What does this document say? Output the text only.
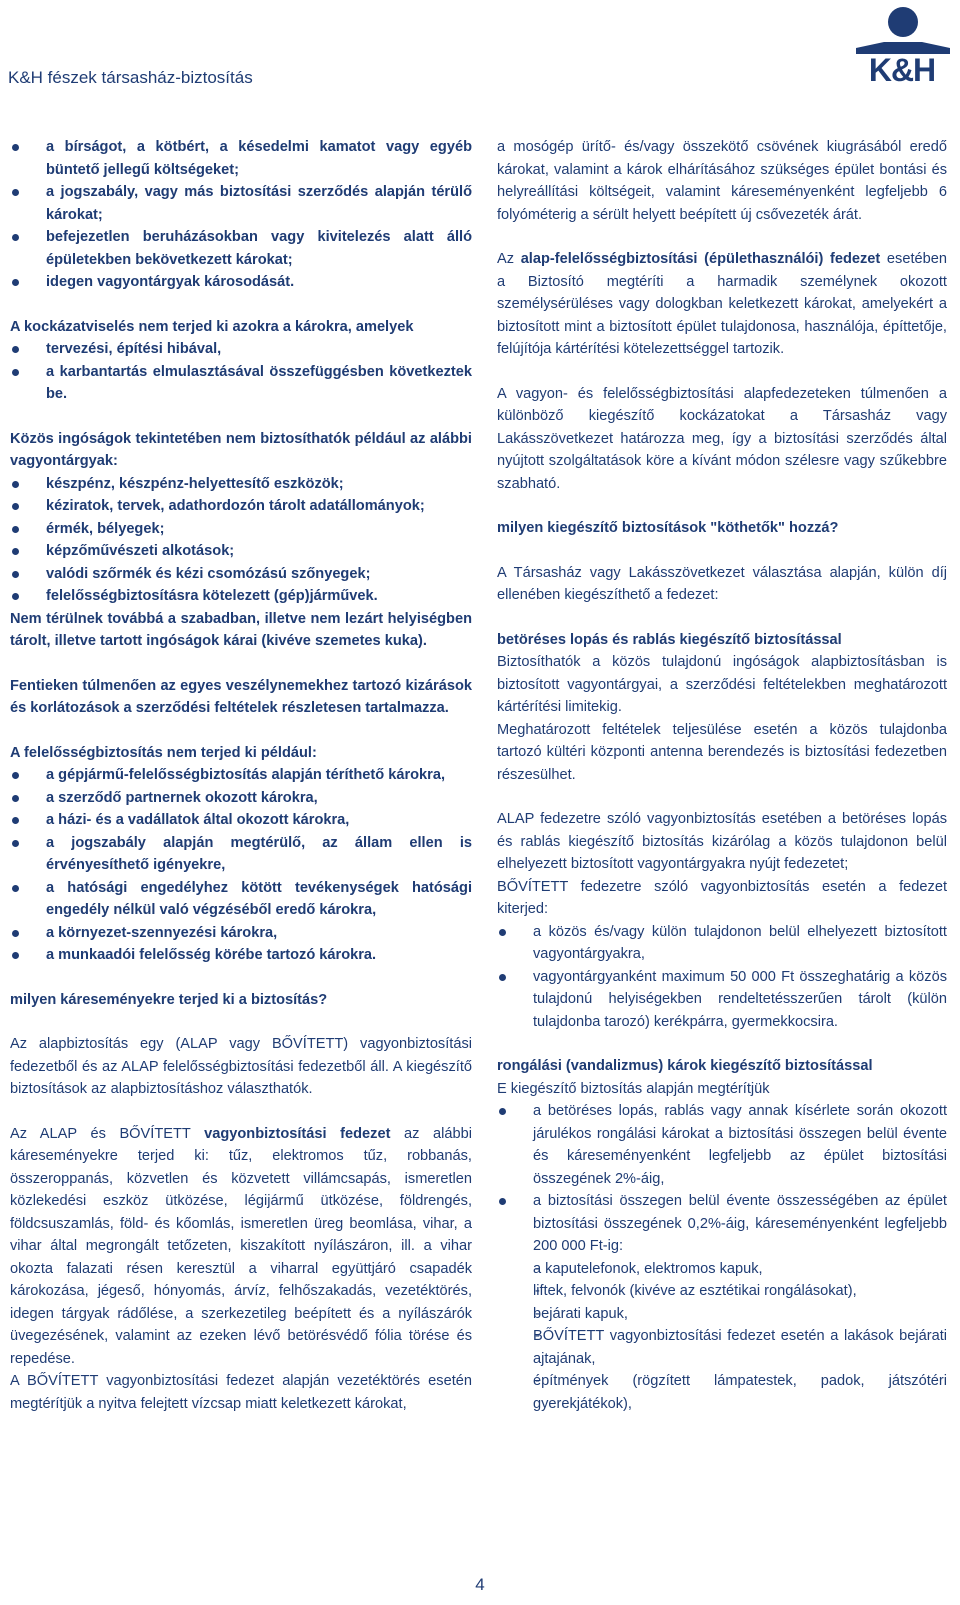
K&H fészek társasház-biztosítás	K&H
a bírságot, a kötbért, a késedelmi kamatot vagy egyéb büntető jellegű költségeket;
a jogszabály, vagy más biztosítási szerződés alapján térülő károkat;
befejezetlen beruházásokban vagy kivitelezés alatt álló épületekben bekövetkezett károkat;
idegen vagyontárgyak károsodását.

A kockázatviselés nem terjed ki azokra a károkra, amelyek

tervezési, építési hibával,
a karbantartás elmulasztásával összefüggésben következtek be.

Közös ingóságok tekintetében nem biztosíthatók például az alábbi vagyontárgyak:

készpénz, készpénz-helyettesítő eszközök;
kéziratok, tervek, adathordozón tárolt adatállományok;
érmék, bélyegek;
képzőművészeti alkotások;
valódi szőrmék és kézi csomózású szőnyegek;
felelősségbiztosításra kötelezett (gép)járművek.

Nem térülnek továbbá a szabadban, illetve nem lezárt helyiségben tárolt, illetve tartott ingóságok kárai (kivéve szemetes kuka).

Fentieken túlmenően az egyes veszélynemekhez tartozó kizárások és korlátozások a szerződési feltételek részletesen tartalmazza.

A felelősségbiztosítás nem terjed ki például:

a gépjármű-felelősségbiztosítás alapján téríthető károkra,
a szerződő partnernek okozott károkra,
a házi- és a vadállatok által okozott károkra,
a jogszabály alapján megtérülő, az állam ellen is érvényesíthető igényekre,
a hatósági engedélyhez kötött tevékenységek hatósági engedély nélkül való végzéséből eredő károkra,
a környezet-szennyezési károkra,
a munkaadói felelősség körébe tartozó károkra.

milyen káreseményekre terjed ki a biztosítás?

Az alapbiztosítás egy (ALAP vagy BŐVÍTETT) vagyonbiztosítási fedezetből és az ALAP felelősségbiztosítási fedezetből áll. A kiegészítő biztosítások az alapbiztosításhoz választhatók.

Az ALAP és BŐVÍTETT vagyonbiztosítási fedezet az alábbi káreseményekre terjed ki: tűz, elektromos tűz, robbanás, összeroppanás, közvetlen és közvetett villámcsapás, ismeretlen közlekedési eszköz ütközése, légijármű ütközése, földrengés, földcsuszamlás, föld- és kőomlás, ismeretlen üreg beomlása, vihar, a vihar által megrongált tetőzeten, kiszakított nyílászáron, ill. a vihar okozta falazati résen keresztül a viharral együttjáró csapadék károkozása, jégeső, hónyomás, árvíz, felhőszakadás, vezetéktörés, idegen tárgyak rádőlése, a szerkezetileg beépített és a nyílászárók üvegezésének, valamint az ezeken lévő betörésvédő fólia törése és repedése.

A BŐVÍTETT vagyonbiztosítási fedezet alapján vezetéktörés esetén megtérítjük a nyitva felejtett vízcsap miatt keletkezett károkat,

a mosógép ürítő- és/vagy összekötő csövének kiugrásából eredő károkat, valamint a károk elhárításához szükséges épület bontási és helyreállítási költségeit, valamint káreseményenként legfeljebb 6 folyóméterig a sérült helyett beépített új csővezeték árát.

Az alap-felelősségbiztosítási (épülethasználói) fedezet esetében a Biztosító megtéríti a harmadik személynek okozott személysérüléses vagy dologkban keletkezett károkat, amelyekért a biztosított mint a biztosított épület tulajdonosa, használója, építtetője, felújítója kártérítési kötelezettséggel tartozik.

A vagyon- és felelősségbiztosítási alapfedezeteken túlmenően a különböző kiegészítő kockázatokat a Társasház vagy Lakásszövetkezet határozza meg, így a biztosítási szerződés által nyújtott szolgáltatások köre a kívánt módon szélesre vagy szűkebbre szabható.

milyen kiegészítő biztosítások "köthetők" hozzá?

A Társasház vagy Lakásszövetkezet választása alapján, külön díj ellenében kiegészíthető a fedezet:

betöréses lopás és rablás kiegészítő biztosítással

Biztosíthatók a közös tulajdonú ingóságok alapbiztosításban is biztosított vagyontárgyai, a szerződési feltételekben meghatározott kártérítési limitekig.

Meghatározott feltételek teljesülése esetén a közös tulajdonba tartozó kültéri központi antenna berendezés is biztosítási fedezetben részesülhet.

ALAP fedezetre szóló vagyonbiztosítás esetében a betöréses lopás és rablás kiegészítő biztosítás kizárólag a közös tulajdonon belül elhelyezett biztosított vagyontárgyakra nyújt fedezetet;

BŐVÍTETT fedezetre szóló vagyonbiztosítás esetén a fedezet kiterjed:

a közös és/vagy külön tulajdonon belül elhelyezett biztosított vagyontárgyakra,
vagyontárgyanként maximum 50 000 Ft összeghatárig a közös tulajdonú helyiségekben rendeltetésszerűen tárolt (külön tulajdonba tarozó) kerékpárra, gyermekkocsira.

rongálási (vandalizmus) károk kiegészítő biztosítással

E kiegészítő biztosítás alapján megtérítjük

a betöréses lopás, rablás vagy annak kísérlete során okozott járulékos rongálási károkat a biztosítási összegen belül évente és káreseményenként legfeljebb az épület biztosítási összegének 2%-áig,
a biztosítási összegen belül évente összességében az épület biztosítási összegének 0,2%-áig, káreseményenként legfeljebb 200 000 Ft-ig:
- a kaputelefonok, elektromos kapuk,
- liftek, felvonók (kivéve az esztétikai rongálásokat),
- bejárati kapuk,
- BŐVÍTETT vagyonbiztosítási fedezet esetén a lakások bejárati ajtajának,
- építmények (rögzített lámpatestek, padok, játszótéri gyerekjátékok),
4
